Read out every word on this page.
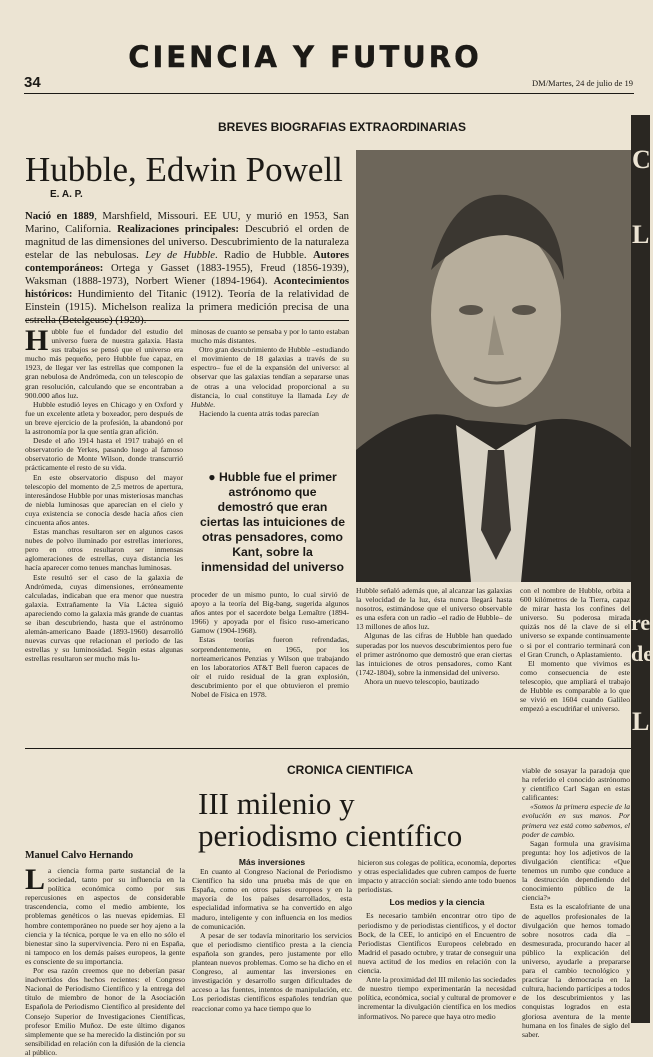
CIENCIA Y FUTURO
34	DM/Martes, 24 de julio de 19
BREVES BIOGRAFIAS EXTRAORDINARIAS
Hubble, Edwin Powell
E. A. P.
Nació en 1889, Marshfield, Missouri. EE UU, y murió en 1953, San Marino, California. Realizaciones principales: Descubrió el orden de magnitud de las dimensiones del universo. Descubrimiento de la naturaleza estelar de las nebulosas. Ley de Hubble. Radio de Hubble. Autores contemporáneos: Ortega y Gasset (1883-1955), Freud (1856-1939), Waksman (1888-1973), Norbert Wiener (1894-1964). Acontecimientos históricos: Hundimiento del Titanic (1912). Teoría de la relatividad de Einstein (1915). Michelson realiza la primera medición precisa de una estrella (Betelgeuse) (1920).
H ubble fue el fundador del estudio del universo fuera de nuestra galaxia. Hasta sus trabajos se pensó que el universo era mucho más pequeño, pero Hubble fue capaz, en 1923, de llegar ver las estrellas que componen la gran nebulosa de Andrómeda, con un telescopio de gran resolución, calculando que se encontraban a 900.000 años luz.

Hubble estudió leyes en Chicago y en Oxford y fue un excelente atleta y boxeador, pero después de un breve ejercicio de la profesión, la abandonó por la astronomía por la que sentía gran afición.

Desde el año 1914 hasta el 1917 trabajó en el observatorio de Yerkes, pasando luego al famoso observatorio de Monte Wilson, donde transcurrió prácticamente el resto de su vida.

En este observatorio dispuso del mayor telescopio del momento de 2,5 metros de apertura, interesándose Hubble por unas misteriosas manchas de niebla luminosas que aparecían en el cielo y cuya existencia se conocía desde hacía años cien cincuenta años antes.

Estas manchas resultaron ser en algunos casos nubes de polvo iluminado por estrellas interiores, pero en otros resultaron ser inmensas aglomeraciones de estrellas, cuya distancia les hacía aparecer como tenues manchas luminosas.

Este resultó ser el caso de la galaxia de Andrómeda, cuyas dimensiones, erróneamente calculadas, indicaban que era menor que nuestra galaxia. Extrañamente la Vía Láctea siguió apareciendo como la galaxia más grande de cuantas se iban descubriendo, hasta que el astrónomo alemán-americano Baade (1893-1960) desarrolló nuevas curvas que relacionan el período de las estrellas y su luminosidad. Según estas algunas estrellas resultaron ser mucho más lu-

minosas de cuanto se pensaba y por lo tanto estaban mucho más distantes.

Otro gran descubrimiento de Hubble –estudiando el movimiento de 18 galaxias a través de su espectro– fue el de la expansión del universo: al observar que las galaxias tendían a separarse unas de otras a una velocidad proporcional a su distancia, lo cual constituye la llamada Ley de Hubble.

Haciendo la cuenta atrás todas parecían

● Hubble fue el primer astrónomo que demostró que eran ciertas las intuiciones de otras pensadores, como Kant, sobre la inmensidad del universo

proceder de un mismo punto, lo cual sirvió de apoyo a la teoría del Big-bang, sugerida algunos años antes por el sacerdote belga Lemaître (1894-1966) y apoyada por el físico ruso-americano Gamow (1904-1968).

Estas teorías fueron refrendadas, sorprendentemente, en 1965, por los norteamericanos Penzias y Wilson que trabajando en los laboratorios AT&T Bell fueron capaces de oír el ruido residual de la gran explosión, descubrimiento por el que obtuvieron el premio Nobel de Física en 1978.

Hubble señaló además que, al alcanzar las galaxias la velocidad de la luz, ésta nunca llegará hasta nosotros, estimándose que el universo observable es una esfera con un radio –el radio de Hubble– de 13 millones de años luz.

Algunas de las cifras de Hubble han quedado superadas por los nuevos descubrimientos pero fue el primer astrónomo que demostró que eran ciertas las intuiciones de otros pensadores, como Kant (1742-1804), sobre la inmensidad del universo.

Ahora un nuevo telescopio, bautizado

con el nombre de Hubble, orbita a 600 kilómetros de la Tierra, capaz de mirar hasta los confines del universo. Su poderosa mirada quizás nos dé la clave de si el universo se expande continuamente o si por el contrario terminará con el Gran Crunch, o Aplastamiento.

El momento que vivimos es como consecuencia de este telescopio, que ampliará el trabajo de Hubble es comparable a lo que se vivió en 1604 cuando Galileo empezó a escudriñar el universo.

CRONICA CIENTIFICA
III milenio y
periodismo científico
Manuel Calvo Hernando
L a ciencia forma parte sustancial de la sociedad, tanto por su influencia en la política económica como por sus repercusiones en aspectos de considerable trascendencia, como el medio ambiente, los problemas genéticos o las nuevas epidemias. El hombre contemporáneo no puede ser hoy ajeno a la ciencia y la técnica, porque le va en ello no sólo el bienestar sino la supervivencia. Pero ni en España, ni tampoco en los demás países europeos, la gente es consciente de su importancia.

Por esa razón creemos que no deberían pasar inadvertidos dos hechos recientes: el Congreso Nacional de Periodismo Científico y la entrega del título de miembro de honor de la Asociación Española de Periodismo Científico al presidente del Consejo Superior de Investigaciones Científicas, profesor Emilio Muñoz. De este último diganos simplemente que se ha merecido la distinción por su sensibilidad en relación con la difusión de la ciencia al público.

Más inversiones

En cuanto al Congreso Nacional de Periodismo Científico ha sido una prueba más de que en España, como en otros países europeos y en la mayoría de los países desarrollados, esta especialidad informativa se ha convertido en algo maduro, inteligente y con influencia en los medios de comunicación.

A pesar de ser todavía minoritario los servicios que el periodismo científico presta a la ciencia española son grandes, pero justamente por ello plantean nuevos problemas. Como se ha dicho en el Congreso, al aumentar las inversiones en investigación y desarrollo surgen dificultades de acceso a las fuentes, intentos de manipulación, etc. Los periodistas científicos españoles tendrían que reaccionar como ya hace tiempo que lo

hicieron sus colegas de política, economía, deportes y otras especialidades que cubren campos de fuerte impacto y atracción social: siendo ante todo buenos periodistas.

Los medios y la ciencia

Es necesario también encontrar otro tipo de periodismo y de periodistas científicos, y el doctor Bock, de la CEE, lo anticipó en el Encuentro de Periodistas Científicos Europeos celebrado en Madrid el pasado octubre, y tratar de conseguir una nueva actitud de los medios en relación con la ciencia.

Ante la proximidad del III milenio las sociedades de nuestro tiempo experimentarán la necesidad política, económica, social y cultural de promover e incrementar la divulgación científica en los medios informativos. No parece que haya otro medio

viable de sosayar la paradoja que ha referido el conocido astrónomo y científico Carl Sagan en estas calificantes:

«Somos la primera especie de la evolución en sus manos. Por primera vez está como sabemos, el poder de cambio.

Sagan formula una gravísima pregunta: hoy los adjetivos de la divulgación científica: «Que tenemos un rumbo que conduce a la destrucción dependiendo del conocimiento público de la ciencia?»

Esta es la escalofriante de una de aquellos profesionales de la divulgación que hemos tomado sobre nosotros cada día –desmesurada, procurando hacer al público la explicación del universo, ayudarle a prepararse para el cambio tecnológico y practicar la democracia en la cultura, haciendo partícipes a todos de los descubrimientos y las conquistas logrados en esta gloriosa aventura de la mente humana en los finales de siglo del saber.

C
L
re
de
L
